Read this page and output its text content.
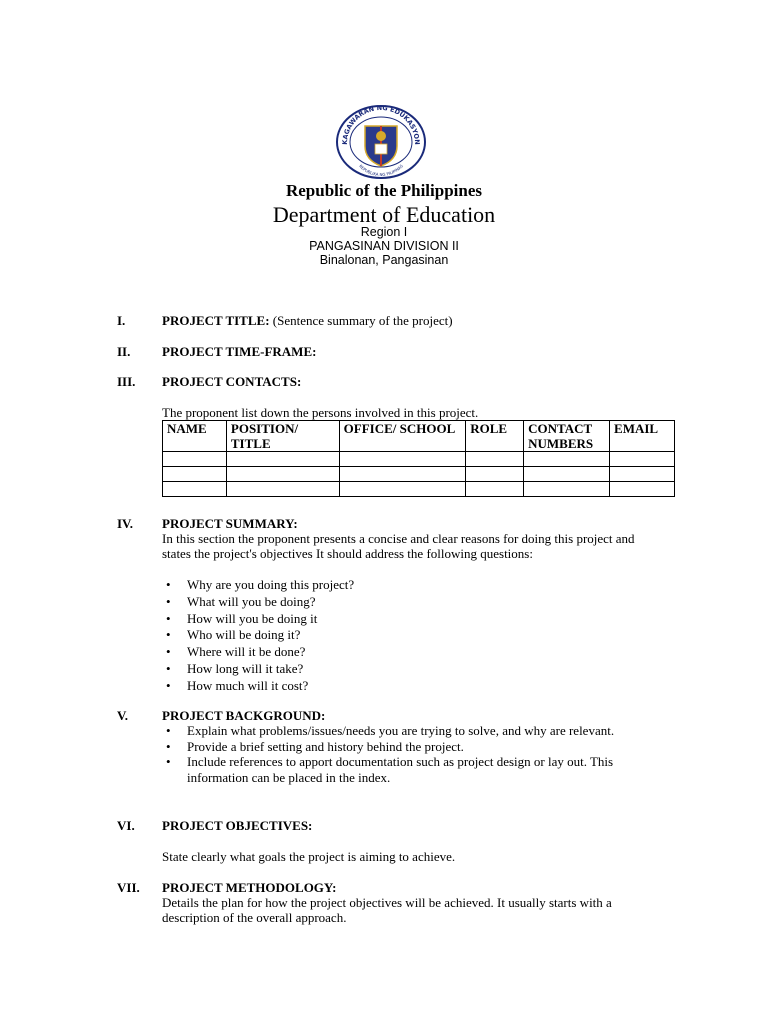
KAGAWARAN NG EDUKASYON
REPUBLIKA NG PILIPINAS
Republic of the Philippines
Department of Education
Region I
PANGASINAN DIVISION II
Binalonan, Pangasinan
I.	PROJECT TITLE: (Sentence summary of the project)
II. PROJECT TIME-FRAME:
III. PROJECT CONTACTS:
The proponent list down the persons involved in this project.
NAME	POSITION/ TITLE	OFFICE/ SCHOOL	ROLE	CONTACT NUMBERS	EMAIL

IV. PROJECT SUMMARY:
In this section the proponent presents a concise and clear reasons for doing this project and states the project's objectives It should address the following questions:
• Why are you doing this project?
• What will you be doing?
• How will you be doing it
• Who will be doing it?
• Where will it be done?
• How long will it take?
• How much will it cost?
V.	PROJECT BACKGROUND:
• Explain what problems/issues/needs you are trying to solve, and why are relevant.
• Provide a brief setting and history behind the project.
• Include references to apport documentation such as project design or lay out. This information can be placed in the index.
VI. PROJECT OBJECTIVES:
State clearly what goals the project is aiming to achieve.
VII. PROJECT METHODOLOGY:
Details the plan for how the project objectives will be achieved. It usually starts with a description of the overall approach.
